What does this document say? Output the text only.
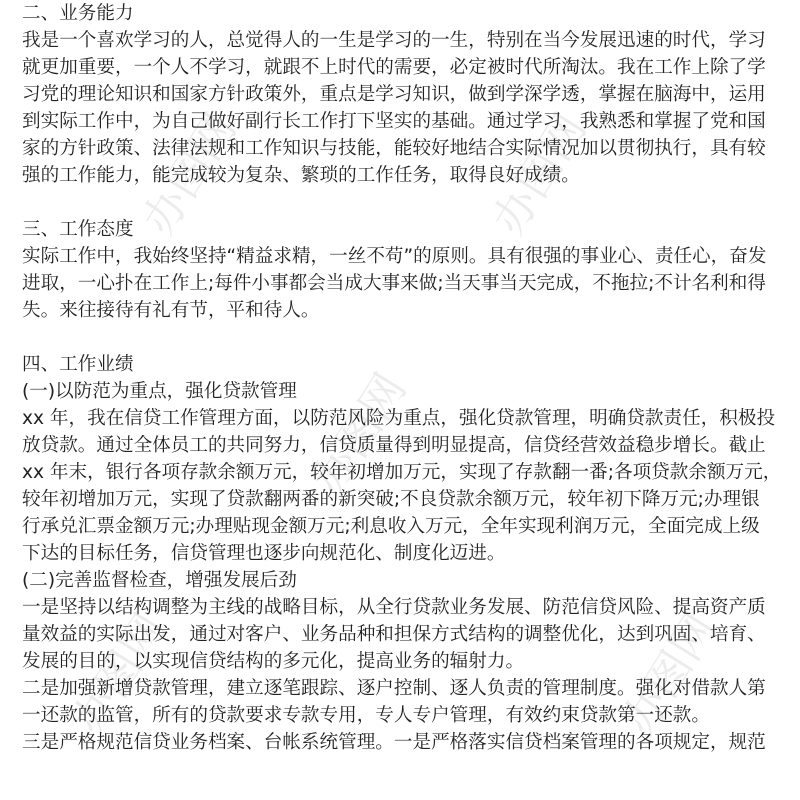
办图网	办图网
办图网
办图网	办图网
二、业务能力
我是一个喜欢学习的人，总觉得人的一生是学习的一生，特别在当今发展迅速的时代，学习
就更加重要，一个人不学习，就跟不上时代的需要，必定被时代所淘汰。我在工作上除了学
习党的理论知识和国家方针政策外，重点是学习知识，做到学深学透，掌握在脑海中，运用
到实际工作中，为自己做好副行长工作打下坚实的基础。通过学习，我熟悉和掌握了党和国
家的方针政策、法律法规和工作知识与技能，能较好地结合实际情况加以贯彻执行，具有较
强的工作能力，能完成较为复杂、繁琐的工作任务，取得良好成绩。
三、工作态度
实际工作中，我始终坚持“精益求精，一丝不苟”的原则。具有很强的事业心、责任心，奋发
进取，一心扑在工作上;每件小事都会当成大事来做;当天事当天完成，不拖拉;不计名利和得
失。来往接待有礼有节，平和待人。
四、工作业绩
(一)以防范为重点，强化贷款管理
xx 年，我在信贷工作管理方面，以防范风险为重点，强化贷款管理，明确贷款责任，积极投
放贷款。通过全体员工的共同努力，信贷质量得到明显提高，信贷经营效益稳步增长。截止
xx 年末，银行各项存款余额万元，较年初增加万元，实现了存款翻一番;各项贷款余额万元，
较年初增加万元，实现了贷款翻两番的新突破;不良贷款余额万元，较年初下降万元;办理银
行承兑汇票金额万元;办理贴现金额万元;利息收入万元，全年实现利润万元，全面完成上级
下达的目标任务，信贷管理也逐步向规范化、制度化迈进。
(二)完善监督检查，增强发展后劲
一是坚持以结构调整为主线的战略目标，从全行贷款业务发展、防范信贷风险、提高资产质
量效益的实际出发，通过对客户、业务品种和担保方式结构的调整优化，达到巩固、培育、
发展的目的，以实现信贷结构的多元化，提高业务的辐射力。
二是加强新增贷款管理，建立逐笔跟踪、逐户控制、逐人负责的管理制度。强化对借款人第
一还款的监管，所有的贷款要求专款专用，专人专户管理，有效约束贷款第一还款。
三是严格规范信贷业务档案、台帐系统管理。一是严格落实信贷档案管理的各项规定，规范
